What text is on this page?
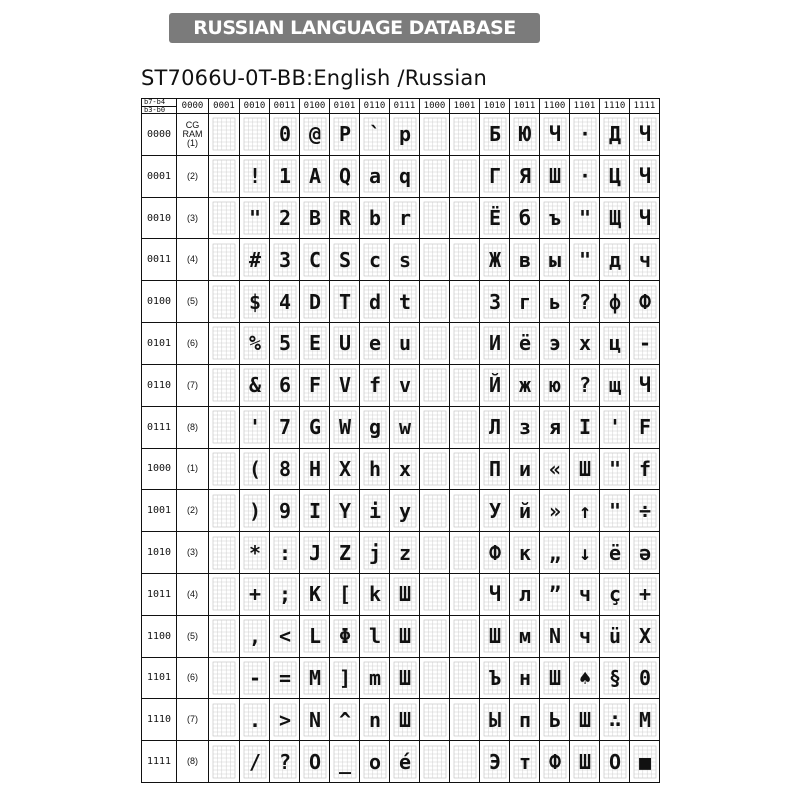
RUSSIAN LANGUAGE DATABASE TABLE
ST7066U-0T-BB:English /Russian
b7-b4
b3-b0	0000	0001	0010	0011	0100	0101	0110	0111	1000	1001	1010	1011	1100	1101	1110	1111
0000	CG RAM (1)			0	@	P	`	p			Б	Ю	Ч	·	Д	Ч

0001	(2)		!	1	A	Q	a	q			Г	Я	Ш	·	Ц	Ч

0010	(3)		"	2	B	R	b	r			Ё	б	ъ	"	Щ	Ч

0011	(4)		#	3	C	S	c	s			Ж	в	ы	"	д	ч

0100	(5)		$	4	D	T	d	t			З	г	ь	?	ф	Ф

0101	(6)		%	5	E	U	e	u			И	ё	э	x	ц	-

0110	(7)		&	6	F	V	f	v			Й	ж	ю	?	щ	Ч

0111	(8)		'	7	G	W	g	w			Л	з	я	I	'	F

1000	(1)		(	8	H	X	h	x			П	и	«	Ш	"	f

1001	(2)		)	9	I	Y	i	y			У	й	»	↑	"	÷

1010	(3)		*	:	J	Z	j	z			Ф	к	„	↓	ё	ə

1011	(4)		+	;	K	[	k	Ш			Ч	л	”	ч	ç	+

1100	(5)		,	<	L	Φ	l	Ш			Ш	м	N	ч	ü	X

1101	(6)		-	=	M	]	m	Ш			Ъ	н	Ш	♠	§	0

1110	(7)		.	>	N	^	n	Ш			Ы	п	Ь	Ш	∴	M

1111	(8)		/	?	O	_	o	é			Э	т	Ф	Ш	O	■
